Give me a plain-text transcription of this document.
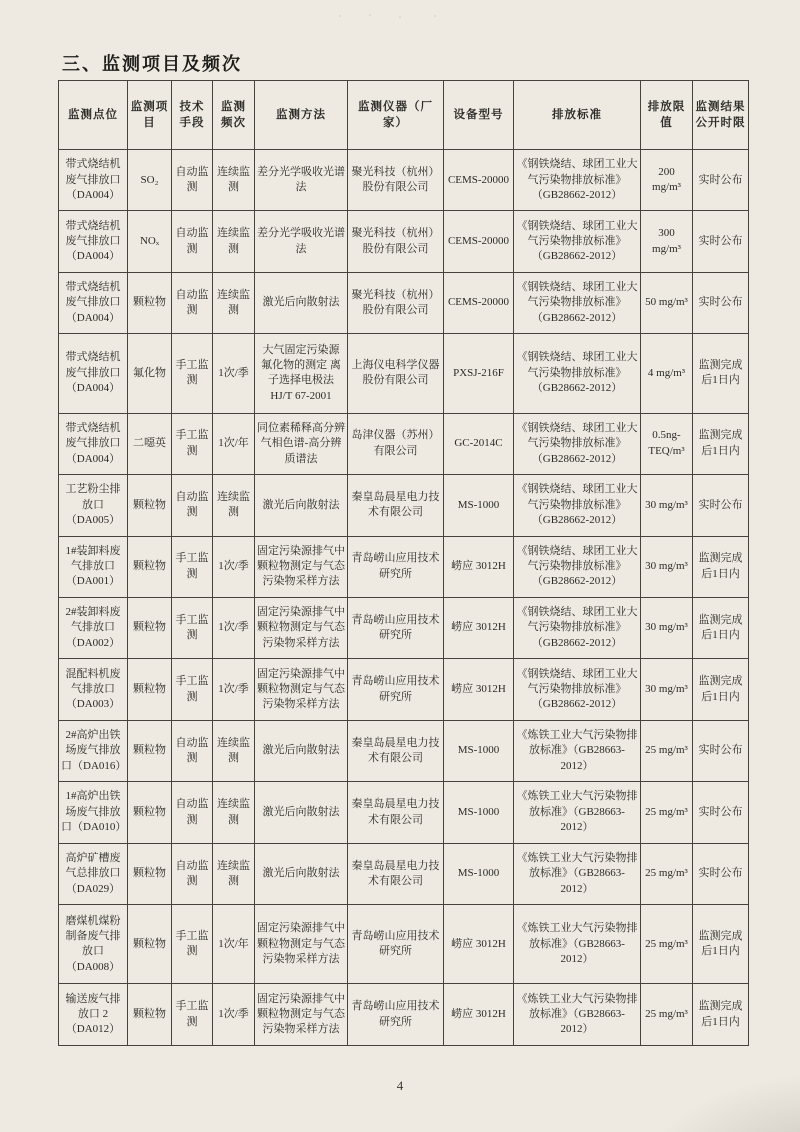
三、监测项目及频次
监测点位	监测项目	技术手段	监测频次	监测方法	监测仪器（厂家）	设备型号	排放标准	排放限值	监测结果公开时限
带式烧结机废气排放口（DA004）	SO₂	自动监测	连续监测	差分光学吸收光谱法	聚光科技（杭州）股份有限公司	CEMS-20000	《钢铁烧结、球团工业大气污染物排放标准》（GB28662-2012）	200 mg/m³	实时公布
带式烧结机废气排放口（DA004）	NOₓ	自动监测	连续监测	差分光学吸收光谱法	聚光科技（杭州）股份有限公司	CEMS-20000	《钢铁烧结、球团工业大气污染物排放标准》（GB28662-2012）	300 mg/m³	实时公布
带式烧结机废气排放口（DA004）	颗粒物	自动监测	连续监测	激光后向散射法	聚光科技（杭州）股份有限公司	CEMS-20000	《钢铁烧结、球团工业大气污染物排放标准》（GB28662-2012）	50 mg/m³	实时公布
带式烧结机废气排放口（DA004）	氟化物	手工监测	1次/季	大气固定污染源 氟化物的测定 离子选择电极法 HJ/T 67-2001	上海仪电科学仪器股份有限公司	PXSJ-216F	《钢铁烧结、球团工业大气污染物排放标准》（GB28662-2012）	4 mg/m³	监测完成后1日内
带式烧结机废气排放口（DA004）	二噁英	手工监测	1次/年	同位素稀释高分辨气相色谱-高分辨质谱法	岛津仪器（苏州）有限公司	GC-2014C	《钢铁烧结、球团工业大气污染物排放标准》（GB28662-2012）	0.5ng-TEQ/m³	监测完成后1日内
工艺粉尘排放口（DA005）	颗粒物	自动监测	连续监测	激光后向散射法	秦皇岛晨星电力技术有限公司	MS-1000	《钢铁烧结、球团工业大气污染物排放标准》（GB28662-2012）	30 mg/m³	实时公布
1#装卸料废气排放口（DA001）	颗粒物	手工监测	1次/季	固定污染源排气中颗粒物测定与气态污染物采样方法	青岛崂山应用技术研究所	崂应 3012H	《钢铁烧结、球团工业大气污染物排放标准》（GB28662-2012）	30 mg/m³	监测完成后1日内
2#装卸料废气排放口（DA002）	颗粒物	手工监测	1次/季	固定污染源排气中颗粒物测定与气态污染物采样方法	青岛崂山应用技术研究所	崂应 3012H	《钢铁烧结、球团工业大气污染物排放标准》（GB28662-2012）	30 mg/m³	监测完成后1日内
混配料机废气排放口（DA003）	颗粒物	手工监测	1次/季	固定污染源排气中颗粒物测定与气态污染物采样方法	青岛崂山应用技术研究所	崂应 3012H	《钢铁烧结、球团工业大气污染物排放标准》（GB28662-2012）	30 mg/m³	监测完成后1日内
2#高炉出铁场废气排放口（DA016）	颗粒物	自动监测	连续监测	激光后向散射法	秦皇岛晨星电力技术有限公司	MS-1000	《炼铁工业大气污染物排放标准》（GB28663-2012）	25 mg/m³	实时公布
1#高炉出铁场废气排放口（DA010）	颗粒物	自动监测	连续监测	激光后向散射法	秦皇岛晨星电力技术有限公司	MS-1000	《炼铁工业大气污染物排放标准》（GB28663-2012）	25 mg/m³	实时公布
高炉矿槽废气总排放口（DA029）	颗粒物	自动监测	连续监测	激光后向散射法	秦皇岛晨星电力技术有限公司	MS-1000	《炼铁工业大气污染物排放标准》（GB28663-2012）	25 mg/m³	实时公布
磨煤机煤粉制备废气排放口（DA008）	颗粒物	手工监测	1次/年	固定污染源排气中颗粒物测定与气态污染物采样方法	青岛崂山应用技术研究所	崂应 3012H	《炼铁工业大气污染物排放标准》（GB28663-2012）	25 mg/m³	监测完成后1日内
输送废气排放口 2（DA012）	颗粒物	手工监测	1次/季	固定污染源排气中颗粒物测定与气态污染物采样方法	青岛崂山应用技术研究所	崂应 3012H	《炼铁工业大气污染物排放标准》（GB28663-2012）	25 mg/m³	监测完成后1日内
4
